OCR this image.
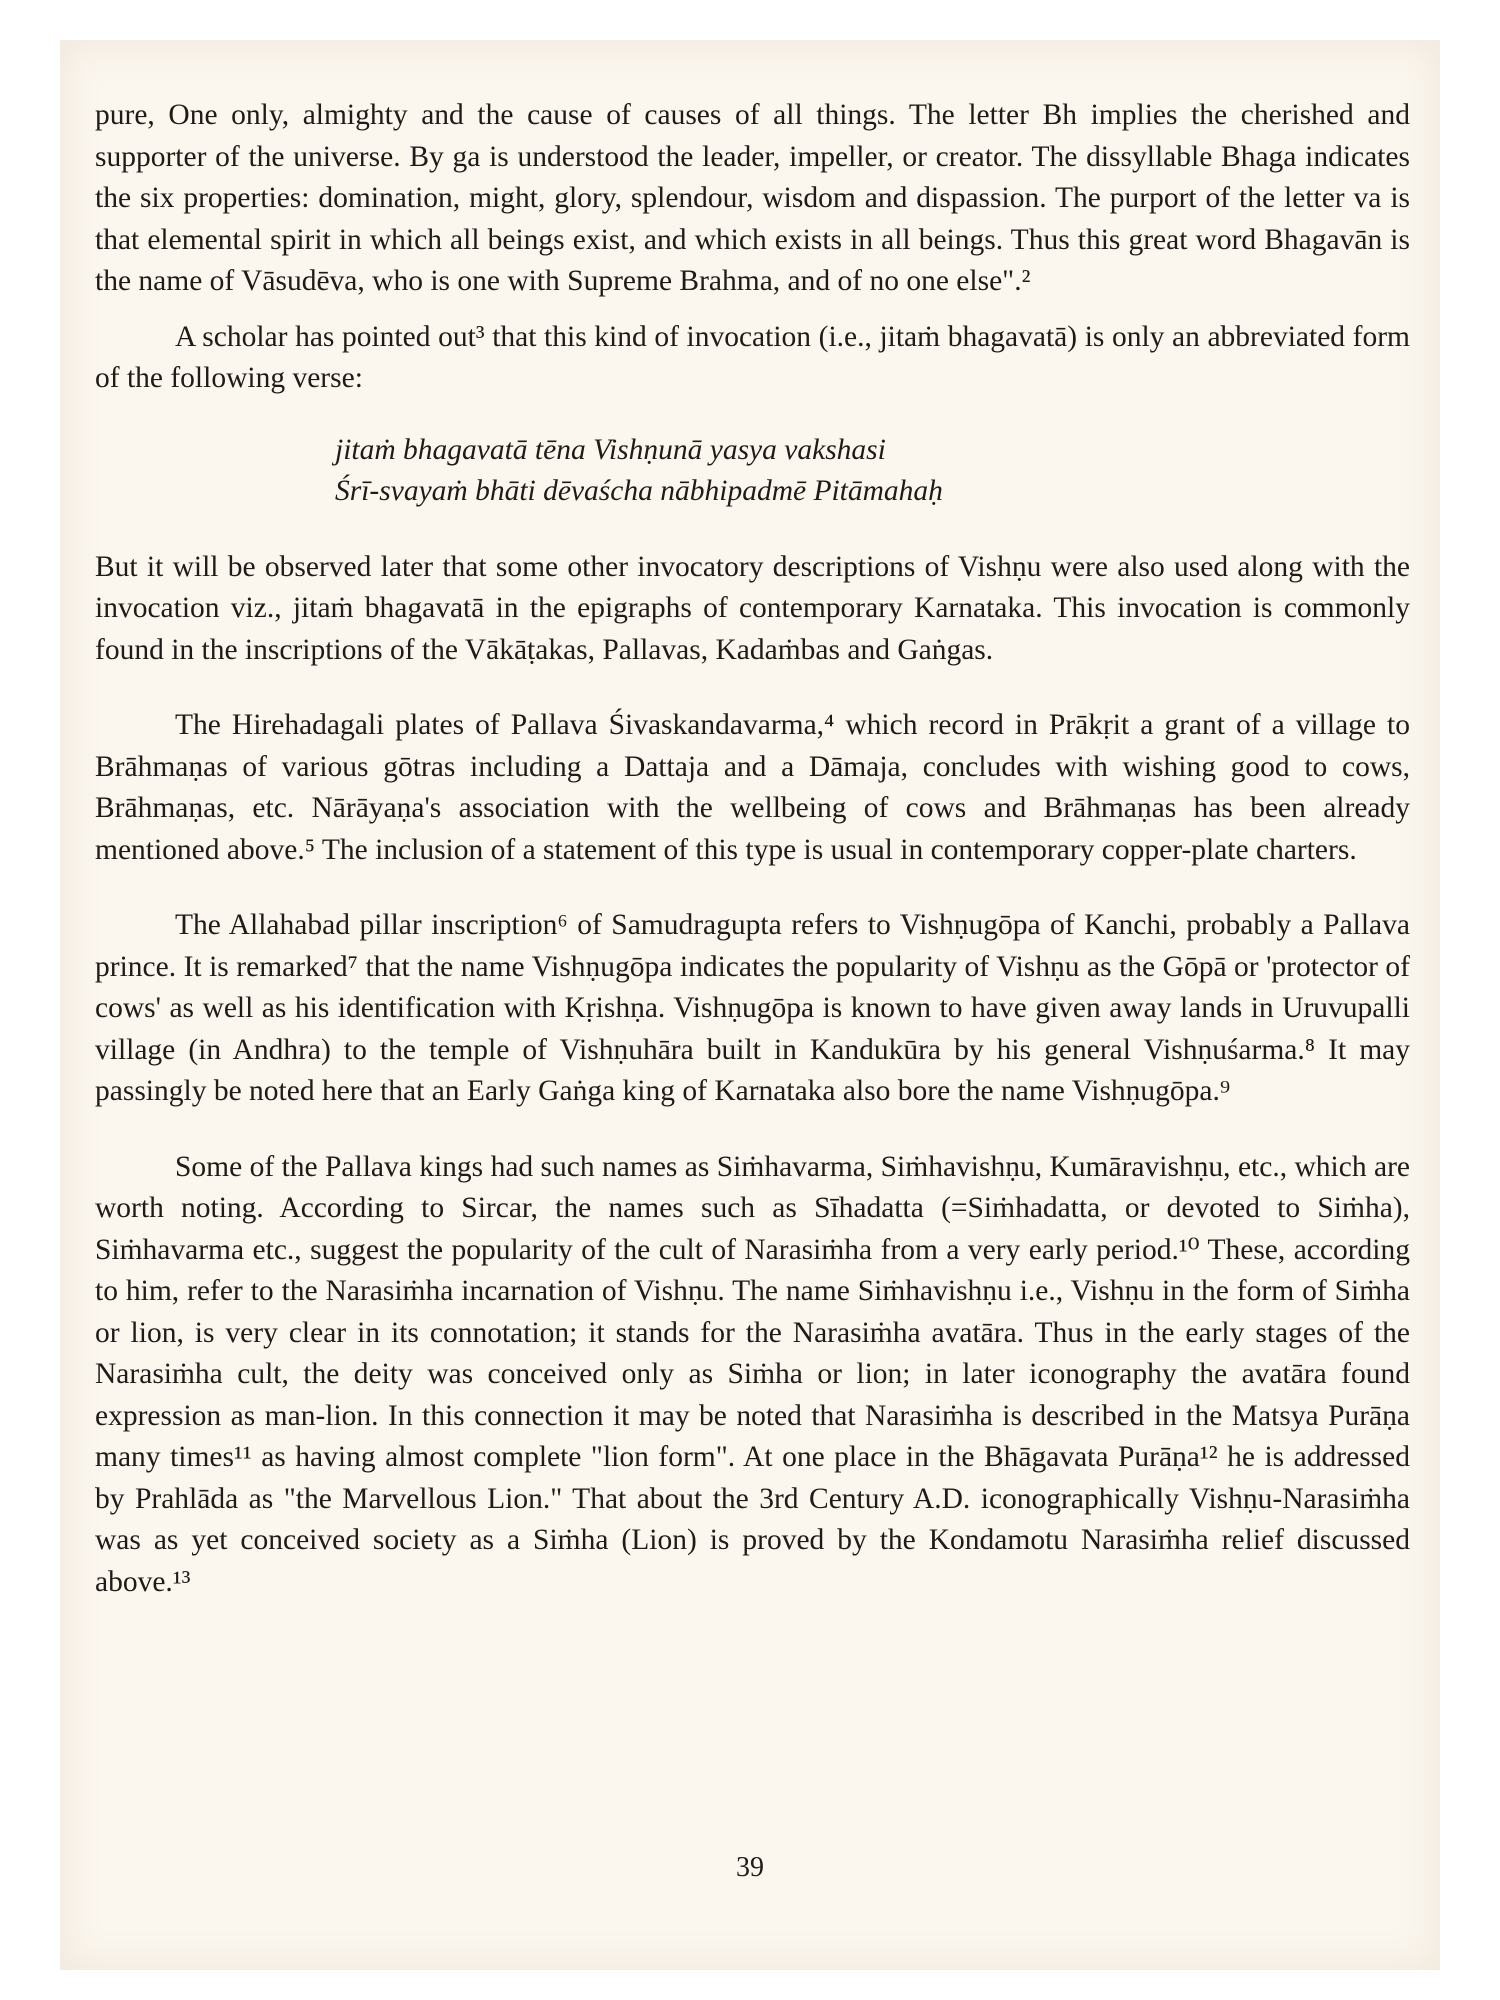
pure, One only, almighty and the cause of causes of all things. The letter Bh implies the cherished and supporter of the universe. By ga is understood the leader, impeller, or creator. The dissyllable Bhaga indicates the six properties: domination, might, glory, splendour, wisdom and dispassion. The purport of the letter va is that elemental spirit in which all beings exist, and which exists in all beings. Thus this great word Bhagavān is the name of Vāsudēva, who is one with Supreme Brahma, and of no one else".²

A scholar has pointed out³ that this kind of invocation (i.e., jitaṁ bhagavatā) is only an abbreviated form of the following verse:

jitaṁ bhagavatā tēna Vishṇunā yasya vakshasi

Śrī-svayaṁ bhāti dēvaścha nābhipadmē Pitāmahaḥ

But it will be observed later that some other invocatory descriptions of Vishṇu were also used along with the invocation viz., jitaṁ bhagavatā in the epigraphs of contemporary Karnataka. This invocation is commonly found in the inscriptions of the Vākāṭakas, Pallavas, Kadaṁbas and Gaṅgas.

The Hirehadagali plates of Pallava Śivaskandavarma,⁴ which record in Prākṛit a grant of a village to Brāhmaṇas of various gōtras including a Dattaja and a Dāmaja, concludes with wishing good to cows, Brāhmaṇas, etc. Nārāyaṇa's association with the wellbeing of cows and Brāhmaṇas has been already mentioned above.⁵ The inclusion of a statement of this type is usual in contemporary copper-plate charters.

The Allahabad pillar inscription⁶ of Samudragupta refers to Vishṇugōpa of Kanchi, probably a Pallava prince. It is remarked⁷ that the name Vishṇugōpa indicates the popularity of Vishṇu as the Gōpā or 'protector of cows' as well as his identification with Kṛishṇa. Vishṇugōpa is known to have given away lands in Uruvupalli village (in Andhra) to the temple of Vishṇuhāra built in Kandukūra by his general Vishṇuśarma.⁸ It may passingly be noted here that an Early Gaṅga king of Karnataka also bore the name Vishṇugōpa.⁹

Some of the Pallava kings had such names as Siṁhavarma, Siṁhavishṇu, Kumāravishṇu, etc., which are worth noting. According to Sircar, the names such as Sīhadatta (=Siṁhadatta, or devoted to Siṁha), Siṁhavarma etc., suggest the popularity of the cult of Narasiṁha from a very early period.¹⁰ These, according to him, refer to the Narasiṁha incarnation of Vishṇu. The name Siṁhavishṇu i.e., Vishṇu in the form of Siṁha or lion, is very clear in its connotation; it stands for the Narasiṁha avatāra. Thus in the early stages of the Narasiṁha cult, the deity was conceived only as Siṁha or lion; in later iconography the avatāra found expression as man-lion. In this connection it may be noted that Narasiṁha is described in the Matsya Purāṇa many times¹¹ as having almost complete "lion form". At one place in the Bhāgavata Purāṇa¹² he is addressed by Prahlāda as "the Marvellous Lion." That about the 3rd Century A.D. iconographically Vishṇu-Narasiṁha was as yet conceived society as a Siṁha (Lion) is proved by the Kondamotu Narasiṁha relief discussed above.¹³

39
